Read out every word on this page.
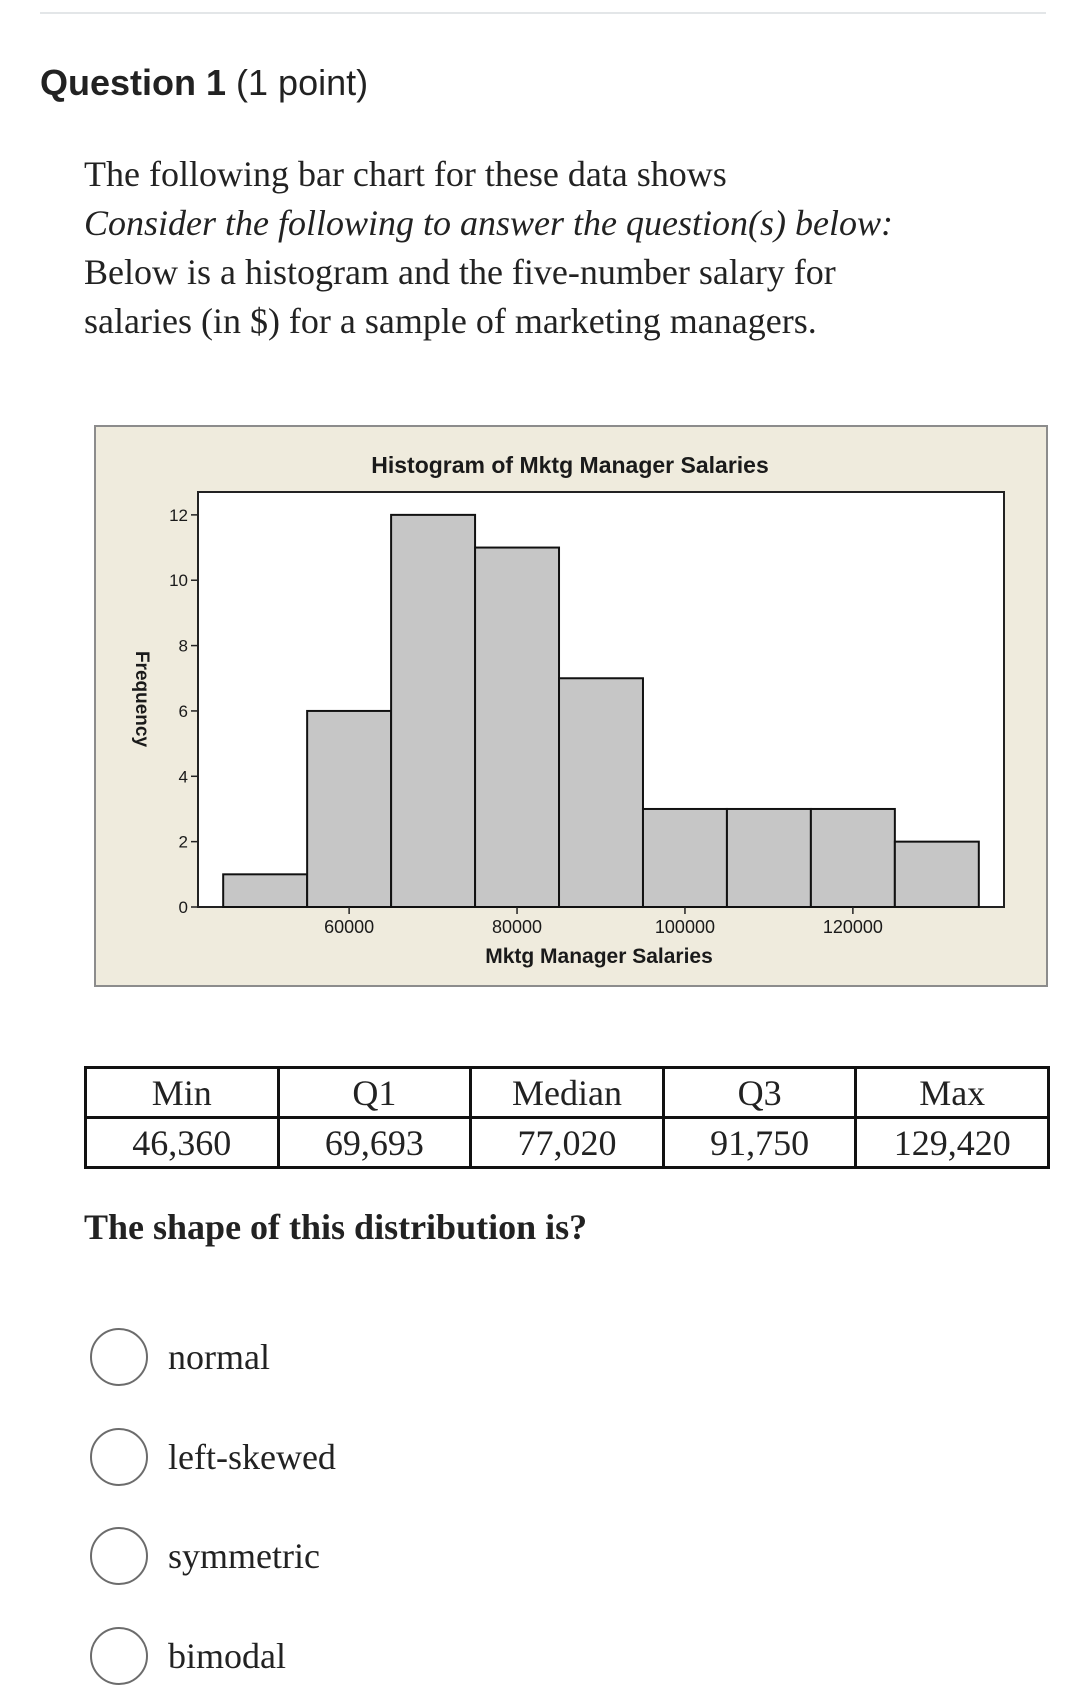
Question 1 (1 point)
The following bar chart for these data shows
Consider the following to answer the question(s) below:
Below is a histogram and the five-number salary for
salaries (in $) for a sample of marketing managers.
Histogram of Mktg Manager Salaries
0
2
4
6
8
10
12
60000	80000	100000	120000
Mktg Manager Salaries
Frequency
Min	Q1	Median	Q3	Max
46,360	69,693	77,020	91,750	129,420
The shape of this distribution is?
normal
left-skewed
symmetric
bimodal
